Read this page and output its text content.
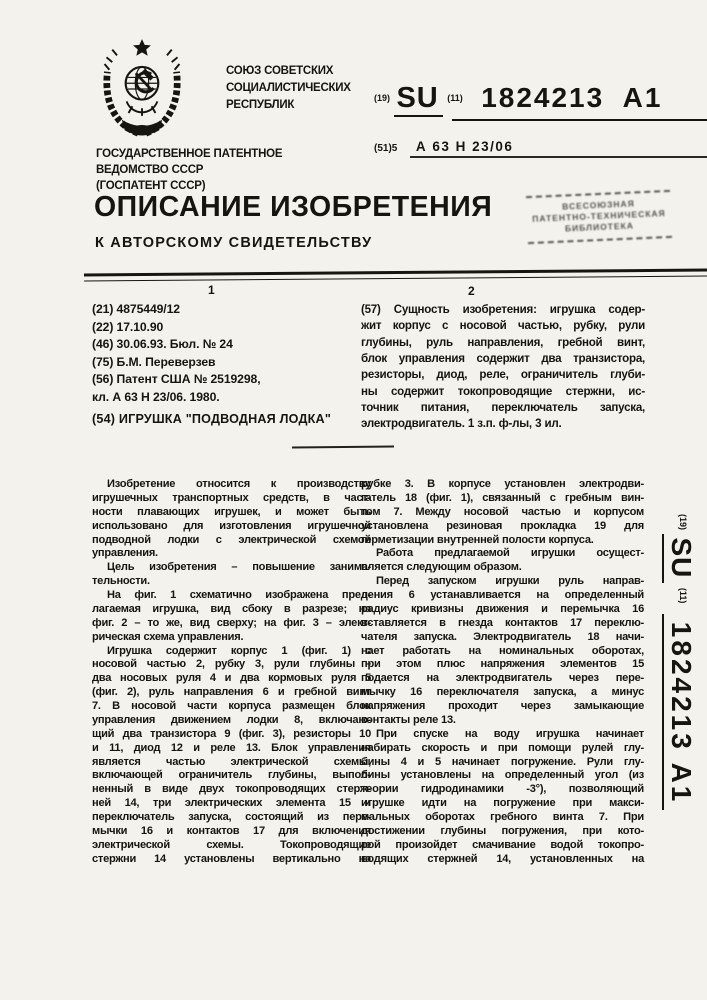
СОЮЗ СОВЕТСКИХ
СОЦИАЛИСТИЧЕСКИХ
РЕСПУБЛИК
$^{(19)}$ SU $^{(11)}$ 1824213 A1
(51)5 А 63 Н 23/06
ГОСУДАРСТВЕННОЕ ПАТЕНТНОЕ
ВЕДОМСТВО СССР
(ГОСПАТЕНТ СССР)
ОПИСАНИЕ ИЗОБРЕТЕНИЯ
К АВТОРСКОМУ СВИДЕТЕЛЬСТВУ
ВСЕСОЮЗНАЯ
ПАТЕНТНО-ТЕХНИЧЕСКАЯ
БИБЛИОТЕКА
1	2
(21) 4875449/12
(22) 17.10.90
(46) 30.06.93. Бюл. № 24
(75) Б.М. Переверзев
(56) Патент США № 2519298,
кл. А 63 Н 23/06. 1980.
(54) ИГРУШКА "ПОДВОДНАЯ ЛОДКА"
(57) Сущность изобретения: игрушка содер-
жит корпус с носовой частью, рубку, рули
глубины, руль направления, гребной винт,
блок управления содержит два транзистора,
резисторы, диод, реле, ограничитель глуби-
ны содержит токопроводящие стержни, ис-
точник питания, переключатель запуска,
электродвигатель. 1 з.п. ф-лы, 3 ил.
Изобретение относится к производству
игрушечных транспортных средств, в част-
ности плавающих игрушек, и может быть
использовано для изготовления игрушечной
подводной лодки с электрической схемой
управления.
Цель изобретения – повышение занима-
тельности.
На фиг. 1 схематично изображена пред-
лагаемая игрушка, вид сбоку в разрезе; на
фиг. 2 – то же, вид сверху; на фиг. 3 – элект-
рическая схема управления.
Игрушка содержит корпус 1 (фиг. 1) с
носовой частью 2, рубку 3, рули глубины –
два носовых руля 4 и два кормовых руля 5
(фиг. 2), руль направления 6 и гребной винт
7. В носовой части корпуса размещен блок
управления движением лодки 8, включаю-
щий два транзистора 9 (фиг. 3), резисторы 10
и 11, диод 12 и реле 13. Блок управления
является частью электрической схемы,
включающей ограничитель глубины, выпол-
ненный в виде двух токопроводящих стерж-
ней 14, три электрических элемента 15 и
переключатель запуска, состоящий из пере-
мычки 16 и контактов 17 для включения
электрической схемы. Токопроводящие
стержни 14 установлены вертикально на
рубке 3. В корпусе установлен электродви-
гатель 18 (фиг. 1), связанный с гребным вин-
том 7. Между носовой частью и корпусом
установлена резиновая прокладка 19 для
герметизации внутренней полости корпуса.
Работа предлагаемой игрушки осущест-
вляется следующим образом.
Перед запуском игрушки руль направ-
ления 6 устанавливается на определенный
радиус кривизны движения и перемычка 16
вставляется в гнезда контактов 17 переклю-
чателя запуска. Электродвигатель 18 начи-
нает работать на номинальных оборотах,
при этом плюс напряжения элементов 15
подается на электродвигатель через пере-
мычку 16 переключателя запуска, а минус
напряжения проходит через замыкающие
контакты реле 13.
При спуске на воду игрушка начинает
набирать скорость и при помощи рулей глу-
бины 4 и 5 начинает погружение. Рули глу-
бины установлены на определенный угол (из
теории гидродинамики -3°), позволяющий
игрушке идти на погружение при макси-
мальных оборотах гребного винта 7. При
достижении глубины погружения, при кото-
рой произойдет смачивание водой токопро-
водящих стержней 14, установленных на
$^{(19)}$ SU $^{(11)}$ 1824213 А1
